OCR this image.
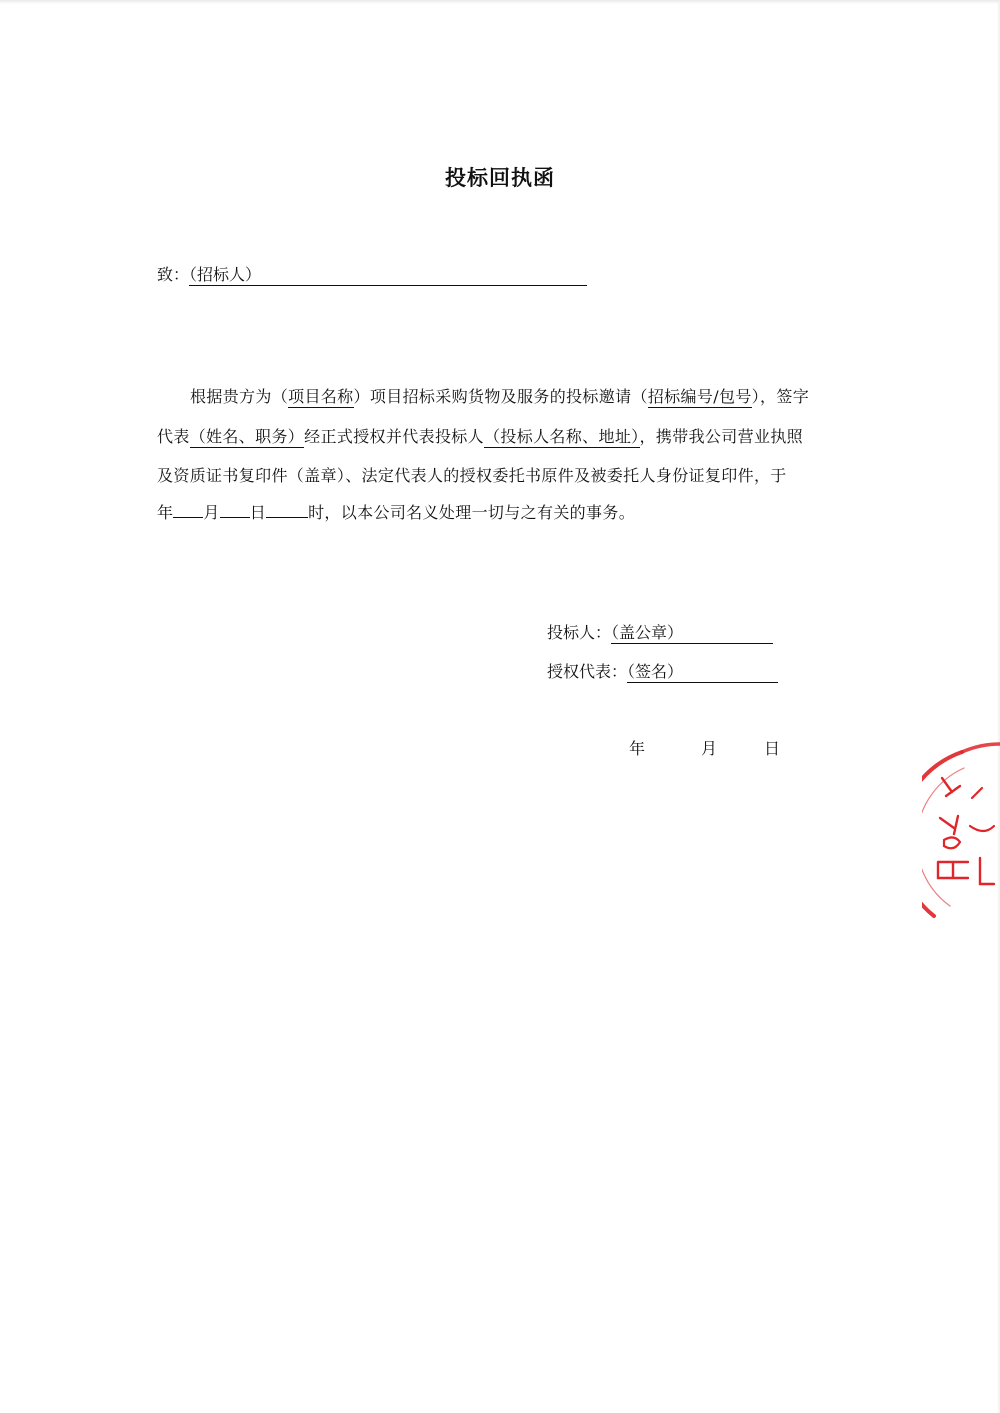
投标回执函
致：（招标人）
根据贵方为（项目名称）项目招标采购货物及服务的投标邀请（招标编号/包号），签字
代表（姓名、职务）经正式授权并代表投标人（投标人名称、地址），携带我公司营业执照
及资质证书复印件（盖章）、法定代表人的授权委托书原件及被委托人身份证复印件，于
年 月 日	时，以本公司名义处理一切与之有关的事务。
投标人：（盖公章）
授权代表：（签名）
年	月	日
